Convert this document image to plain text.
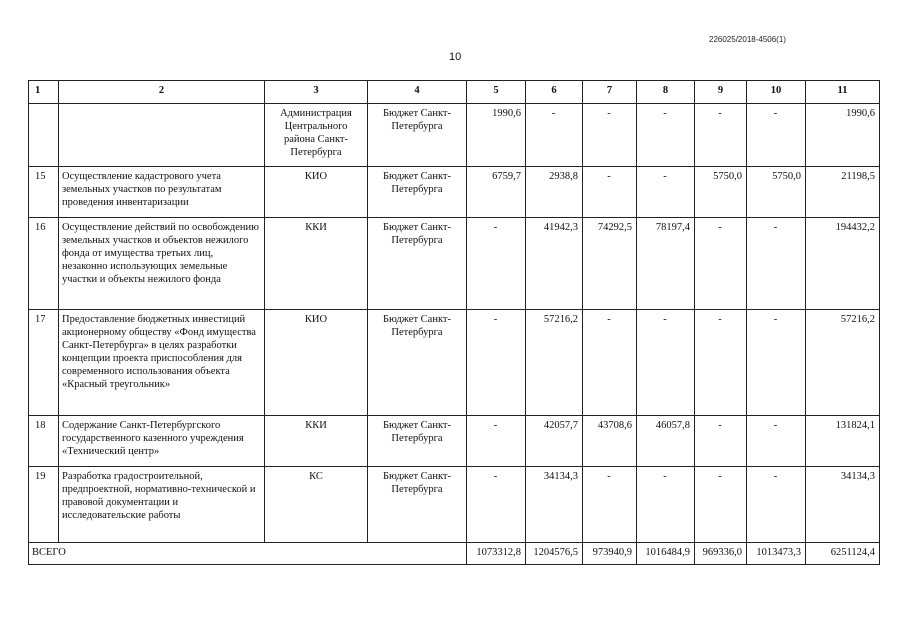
226025/2018-4506(1)
10
1	2	3	4	5	6	7	8	9	10	11
		Администрация Центрального района Санкт-Петербурга	Бюджет Санкт-Петербурга	1990,6	-	-	-	-	-	1990,6
15	Осуществление кадастрового учета земельных участков по результатам проведения инвентаризации	КИО	Бюджет Санкт-Петербурга	6759,7	2938,8	-	-	5750,0	5750,0	21198,5
16	Осуществление действий по освобождению земельных участков и объектов нежилого фонда от имущества третьих лиц, незаконно использующих земельные участки и объекты нежилого фонда	ККИ	Бюджет Санкт-Петербурга	-	41942,3	74292,5	78197,4	-	-	194432,2
17	Предоставление бюджетных инвестиций акционерному обществу «Фонд имущества Санкт-Петербурга» в целях разработки концепции проекта приспособления для современного использования объекта «Красный треугольник»	КИО	Бюджет Санкт-Петербурга	-	57216,2	-	-	-	-	57216,2
18	Содержание Санкт-Петербургского государственного казенного учреждения «Технический центр»	ККИ	Бюджет Санкт-Петербурга	-	42057,7	43708,6	46057,8	-	-	131824,1
19	Разработка градостроительной, предпроектной, нормативно-технической и правовой документации и исследовательские работы	КС	Бюджет Санкт-Петербурга	-	34134,3	-	-	-	-	34134,3
ВСЕГО				1073312,8	1204576,5	973940,9	1016484,9	969336,0	1013473,3	6251124,4
